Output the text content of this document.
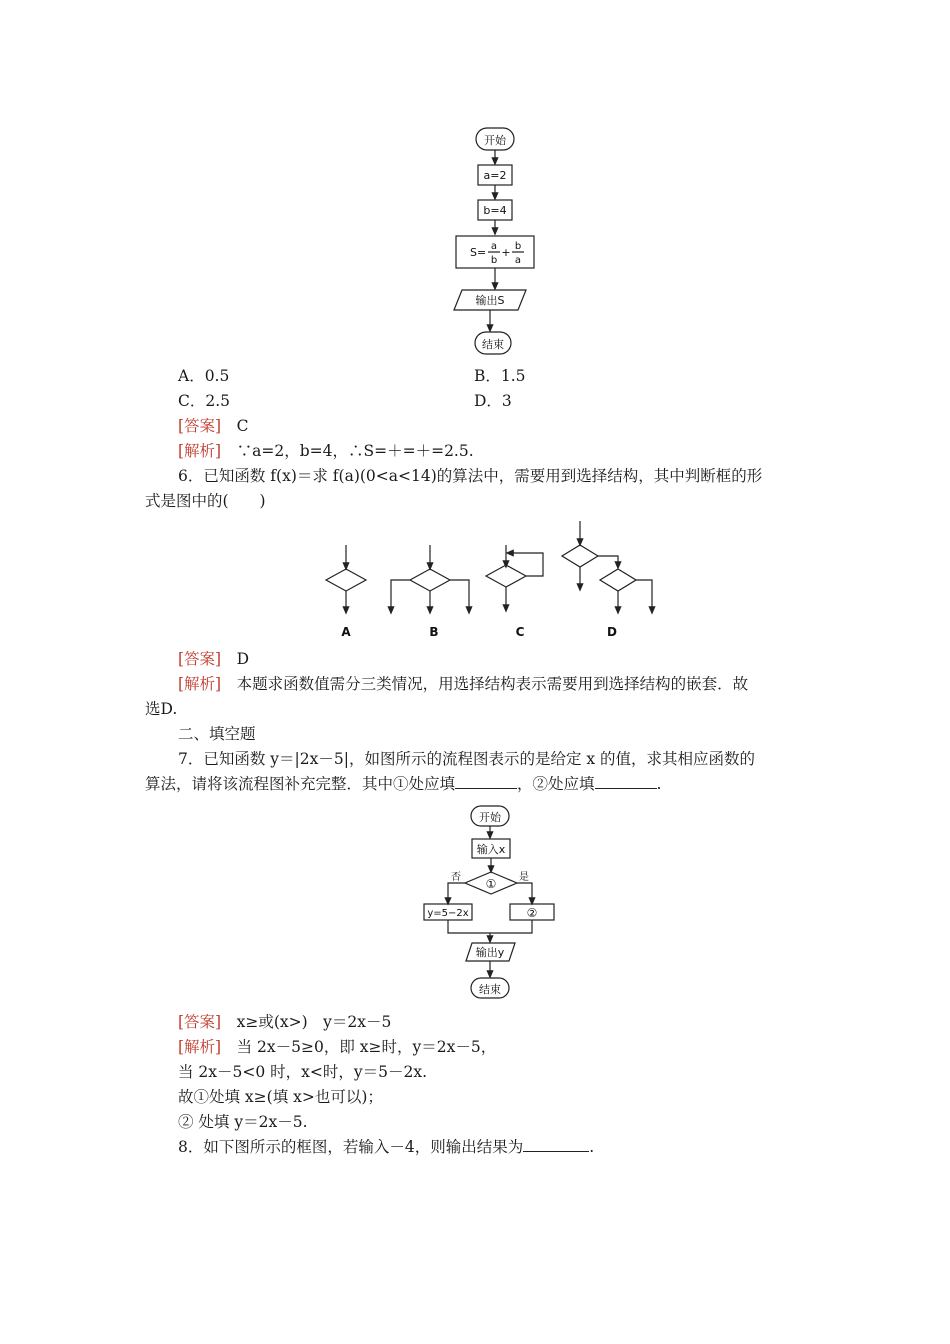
开始
a=2
b=4
S= a
b
+ b
a
输出S
结束
A．0.5	B．1.5
C．2.5	D．3
[答案]　 C
[解析]　 ∵a=2，b=4，∴S=＋=＋=2.5.
6．已知函数 f(x)＝求 f(a)(0<a<14)的算法中，需要用到选择结构，其中判断框的形
式是图中的(　　)
A	B	C	D
[答案]　 D
[解析]　 本题求函数值需分三类情况，用选择结构表示需要用到选择结构的嵌套．故
选D.
二、填空题
7．已知函数 y＝|2x－5|，如图所示的流程图表示的是给定 x 的值，求其相应函数的
算法，请将该流程图补充完整．其中①处应填	，②处应填	.
开始
输入x
①
否	是
y=5−2x	②
输出y
结束
[答案]　 x≥或(x>)　y＝2x－5
[解析]　 当 2x－5≥0，即 x≥时，y＝2x－5，
当 2x－5<0 时，x<时，y＝5－2x.
故①处填 x≥(填 x>也可以)；
② 处填 y＝2x－5.
8．如下图所示的框图，若输入－4，则输出结果为	.
